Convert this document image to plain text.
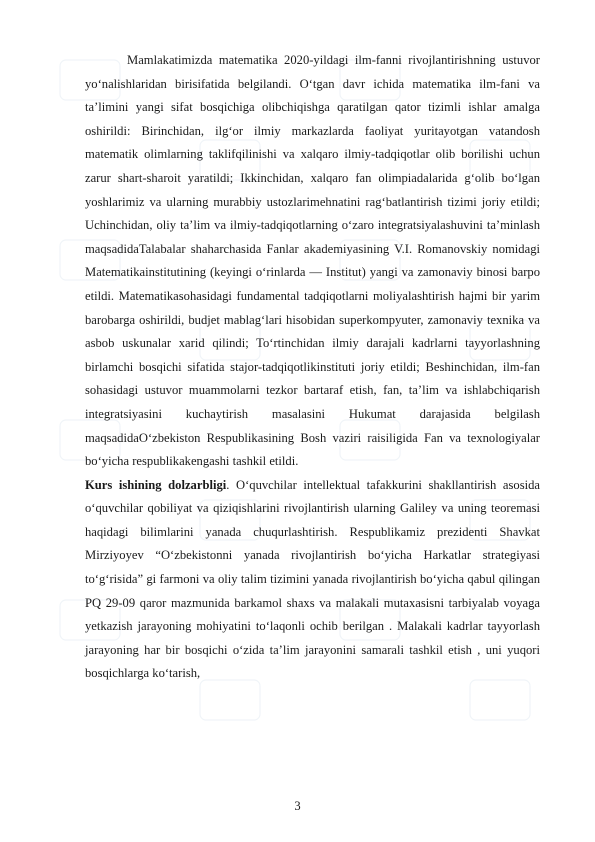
Mamlakatimizda matematika 2020-yildagi ilm-fanni rivojlantirishning ustuvor yo‘nalishlaridan birisifatida belgilandi. O‘tgan davr ichida matematika ilm-fani va ta’limini yangi sifat bosqichiga olibchiqishga qaratilgan qator tizimli ishlar amalga oshirildi: Birinchidan, ilg‘or ilmiy markazlarda faoliyat yuritayotgan vatandosh matematik olimlarning taklifqilinishi va xalqaro ilmiy-tadqiqotlar olib borilishi uchun zarur shart-sharoit yaratildi; Ikkinchidan, xalqaro fan olimpiadalarida g‘olib bo‘lgan yoshlarimiz va ularning murabbiy ustozlarimehnatini rag‘batlantirish tizimi joriy etildi; Uchinchidan, oliy ta’lim va ilmiy-tadqiqotlarning o‘zaro integratsiyalashuvini ta’minlash maqsadidaTalabalar shaharchasida Fanlar akademiyasining V.I. Romanovskiy nomidagi Matematikainstitutining (keyingi o‘rinlarda — Institut) yangi va zamonaviy binosi barpo etildi. Matematikasohasidagi fundamental tadqiqotlarni moliyalashtirish hajmi bir yarim barobarga oshirildi, budjet mablag‘lari hisobidan superkompyuter, zamonaviy texnika va asbob uskunalar xarid qilindi; To‘rtinchidan ilmiy darajali kadrlarni tayyorlashning birlamchi bosqichi sifatida stajor-tadqiqotlikinstituti joriy etildi; Beshinchidan, ilm-fan sohasidagi ustuvor muammolarni tezkor bartaraf etish, fan, ta’lim va ishlabchiqarish integratsiyasini kuchaytirish masalasini Hukumat darajasida belgilash maqsadidaO‘zbekiston Respublikasining Bosh vaziri raisiligida Fan va texnologiyalar bo‘yicha respublikakengashi tashkil etildi.

Kurs ishining dolzarbligi. O‘quvchilar intellektual tafakkurini shakllantirish asosida o‘quvchilar qobiliyat va qiziqishlarini rivojlantirish ularning Galiley va uning teoremasi haqidagi bilimlarini yanada chuqurlashtirish. Respublikamiz prezidenti Shavkat Mirziyoyev “O‘zbekistonni yanada rivojlantirish bo‘yicha Harkatlar strategiyasi to‘g‘risida” gi farmoni va oliy talim tizimini yanada rivojlantirish bo‘yicha qabul qilingan PQ 29-09 qaror mazmunida barkamol shaxs va malakali mutaxasisni tarbiyalab voyaga yetkazish jarayoning mohiyatini to‘laqonli ochib berilgan . Malakali kadrlar tayyorlash jarayoning har bir bosqichi o‘zida ta’lim jarayonini samarali tashkil etish , uni yuqori bosqichlarga ko‘tarish,

3
